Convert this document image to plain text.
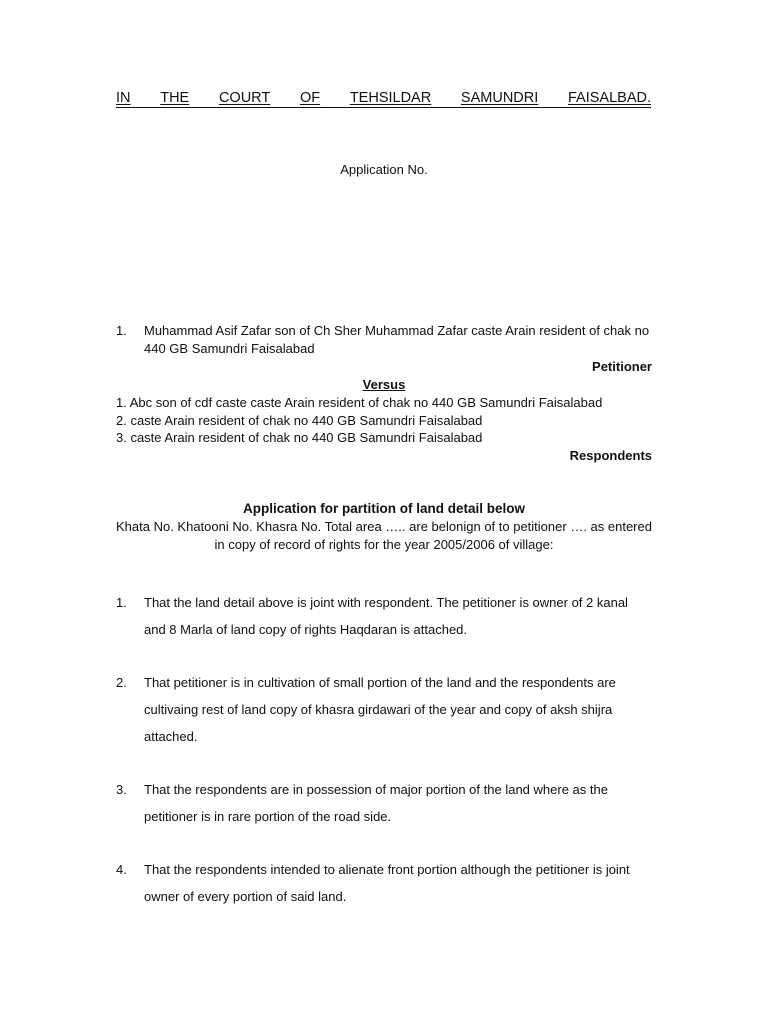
IN THE COURT OF TEHSILDAR SAMUNDRI FAISALBAD.
Application No.
1.	Muhammad Asif Zafar son of Ch Sher Muhammad Zafar caste Arain resident of chak no 440 GB Samundri Faisalabad
Petitioner
Versus
1. Abc son of cdf caste caste Arain resident of chak no 440 GB Samundri Faisalabad
2. caste Arain resident of chak no 440 GB Samundri Faisalabad
3. caste Arain resident of chak no 440 GB Samundri Faisalabad
Respondents
Application for partition of land detail below

Khata No. Khatooni No. Khasra No. Total area ….. are belonign of to petitioner …. as entered in copy of record of rights for the year 2005/2006 of village:

1.	That the land detail above is joint with respondent. The petitioner is owner of 2 kanal and 8 Marla of land copy of rights Haqdaran is attached.
2.	That petitioner is in cultivation of small portion of the land and the respondents are cultivaing rest of land copy of khasra girdawari of the year and copy of aksh shijra attached.
3.	That the respondents are in possession of major portion of the land where as the petitioner is in rare portion of the road side.
4.	That the respondents intended to alienate front portion although the petitioner is joint owner of every portion of said land.
